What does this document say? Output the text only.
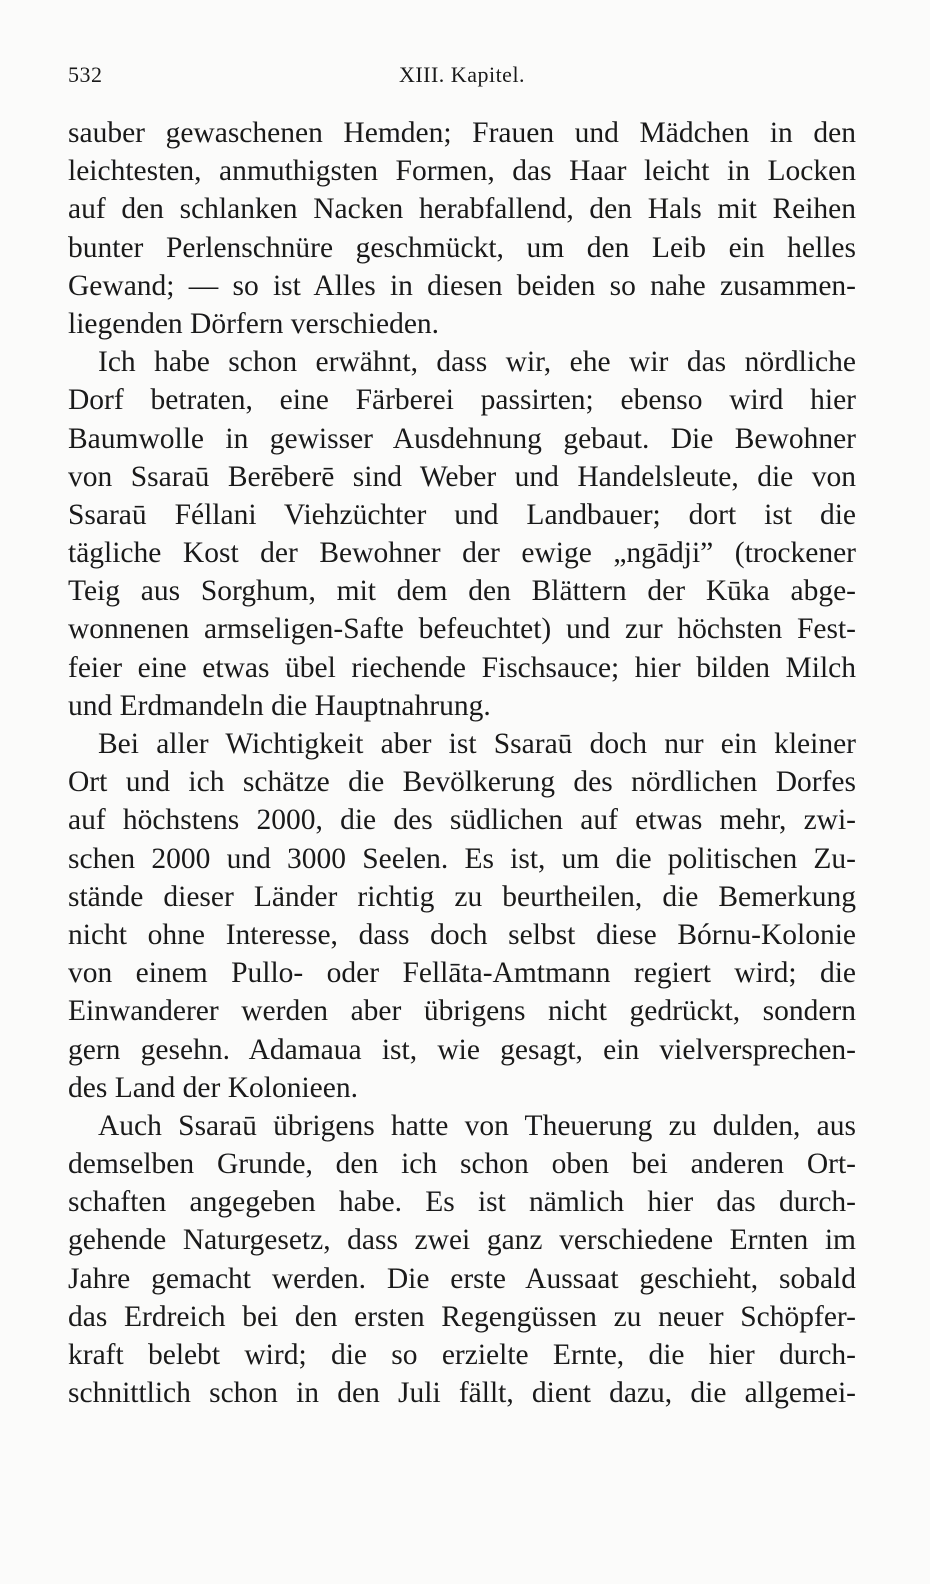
532	XIII. Kapitel.
sauber gewaschenen Hemden; Frauen und Mädchen in den
leichtesten, anmuthigsten Formen, das Haar leicht in Locken
auf den schlanken Nacken herabfallend, den Hals mit Reihen
bunter Perlenschnüre geschmückt, um den Leib ein helles
Gewand; — so ist Alles in diesen beiden so nahe zusammen-
liegenden Dörfern verschieden.
Ich habe schon erwähnt, dass wir, ehe wir das nördliche
Dorf betraten, eine Färberei passirten; ebenso wird hier
Baumwolle in gewisser Ausdehnung gebaut. Die Bewohner
von Ssaraū Berēberē sind Weber und Handelsleute, die von
Ssaraū Féllani Viehzüchter und Landbauer; dort ist die
tägliche Kost der Bewohner der ewige „ngādji” (trockener
Teig aus Sorghum, mit dem den Blättern der Kūka abge-
wonnenen armseligen-Safte befeuchtet) und zur höchsten Fest-
feier eine etwas übel riechende Fischsauce; hier bilden Milch
und Erdmandeln die Hauptnahrung.
Bei aller Wichtigkeit aber ist Ssaraū doch nur ein kleiner
Ort und ich schätze die Bevölkerung des nördlichen Dorfes
auf höchstens 2000, die des südlichen auf etwas mehr, zwi-
schen 2000 und 3000 Seelen. Es ist, um die politischen Zu-
stände dieser Länder richtig zu beurtheilen, die Bemerkung
nicht ohne Interesse, dass doch selbst diese Bórnu-Kolonie
von einem Pullo- oder Fellāta-Amtmann regiert wird; die
Einwanderer werden aber übrigens nicht gedrückt, sondern
gern gesehn. Adamaua ist, wie gesagt, ein vielversprechen-
des Land der Kolonieen.
Auch Ssaraū übrigens hatte von Theuerung zu dulden, aus
demselben Grunde, den ich schon oben bei anderen Ort-
schaften angegeben habe. Es ist nämlich hier das durch-
gehende Naturgesetz, dass zwei ganz verschiedene Ernten im
Jahre gemacht werden. Die erste Aussaat geschieht, sobald
das Erdreich bei den ersten Regengüssen zu neuer Schöpfer-
kraft belebt wird; die so erzielte Ernte, die hier durch-
schnittlich schon in den Juli fällt, dient dazu, die allgemei-
